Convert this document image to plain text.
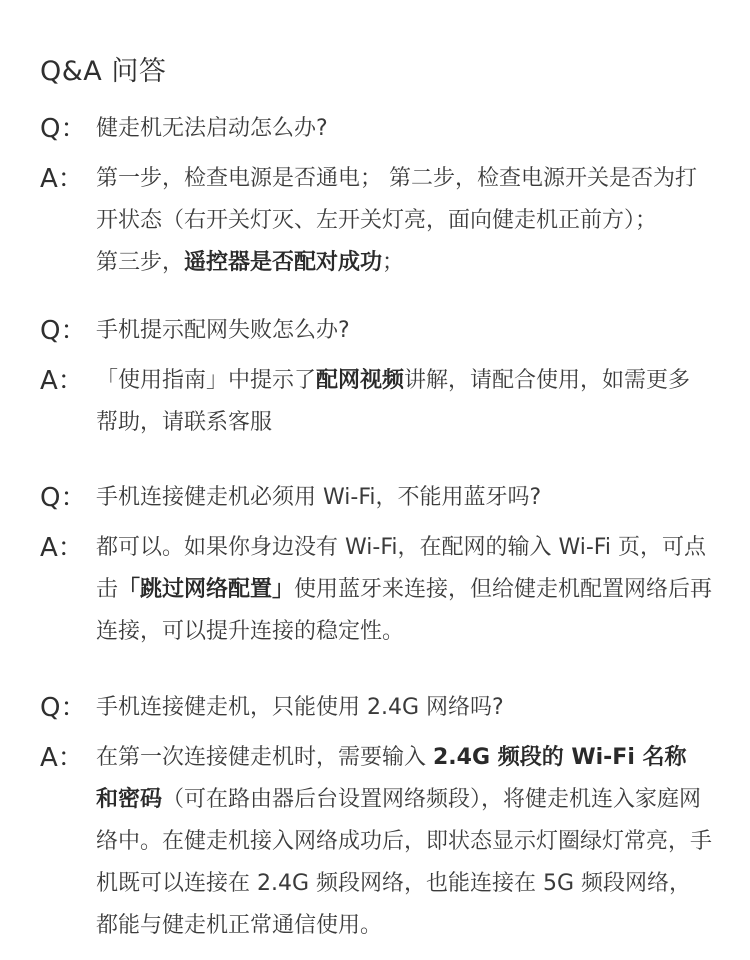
Q&A 问答
Q： 健走机无法启动怎么办?
A： 第一步，检查电源是否通电； 第二步，检查电源开关是否为打
开状态（右开关灯灭、左开关灯亮，面向健走机正前方）；
第三步，遥控器是否配对成功；
Q： 手机提示配网失败怎么办?
A： 「使用指南」中提示了配网视频讲解，请配合使用，如需更多
帮助，请联系客服
Q： 手机连接健走机必须用 Wi-Fi，不能用蓝牙吗?
A： 都可以。如果你身边没有 Wi-Fi，在配网的输入 Wi-Fi 页，可点
击「跳过网络配置」使用蓝牙来连接，但给健走机配置网络后再
连接，可以提升连接的稳定性。
Q： 手机连接健走机，只能使用 2.4G 网络吗?
A： 在第一次连接健走机时，需要输入 2.4G 频段的 Wi-Fi 名称
和密码（可在路由器后台设置网络频段），将健走机连入家庭网
络中。在健走机接入网络成功后，即状态显示灯圈绿灯常亮，手
机既可以连接在 2.4G 频段网络，也能连接在 5G 频段网络，
都能与健走机正常通信使用。
